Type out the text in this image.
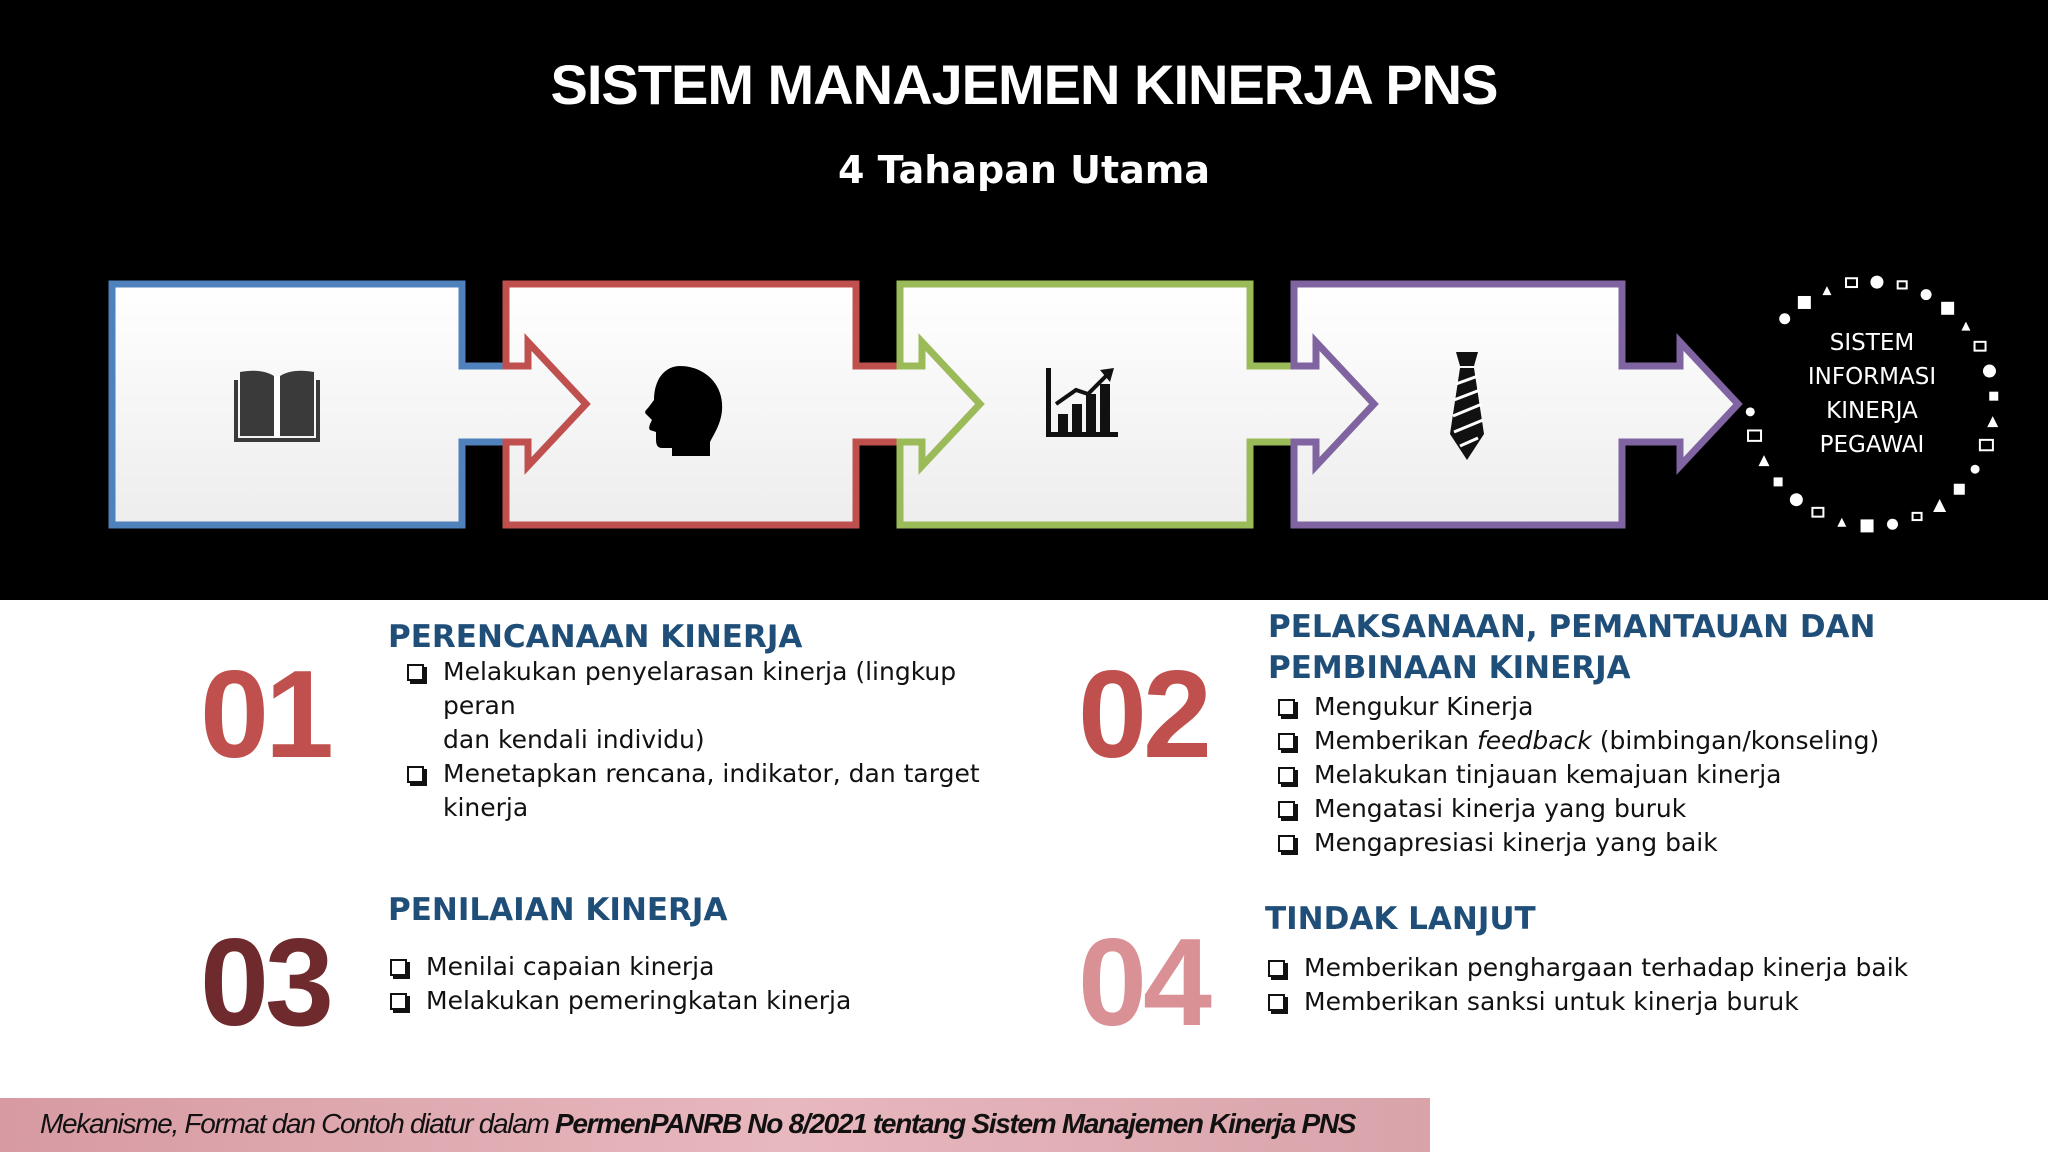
SISTEM MANAJEMEN KINERJA PNS
4 Tahapan Utama
SISTEM
INFORMASI
KINERJA
PEGAWAI
01
PERENCANAAN KINERJA
Melakukan penyelarasan kinerja (lingkup peran
dan kendali individu)
Menetapkan rencana, indikator, dan target
kinerja
02
PELAKSANAAN, PEMANTAUAN DAN
PEMBINAAN KINERJA
Mengukur Kinerja
Memberikan feedback (bimbingan/konseling)
Melakukan tinjauan kemajuan kinerja
Mengatasi kinerja yang buruk
Mengapresiasi kinerja yang baik
03
PENILAIAN KINERJA
Menilai capaian kinerja
Melakukan pemeringkatan kinerja	04 TINDAK LANJUT
Memberikan penghargaan terhadap kinerja baik
Memberikan sanksi untuk kinerja buruk
Mekanisme, Format dan Contoh diatur dalam PermenPANRB No 8/2021 tentang Sistem Manajemen Kinerja PNS
